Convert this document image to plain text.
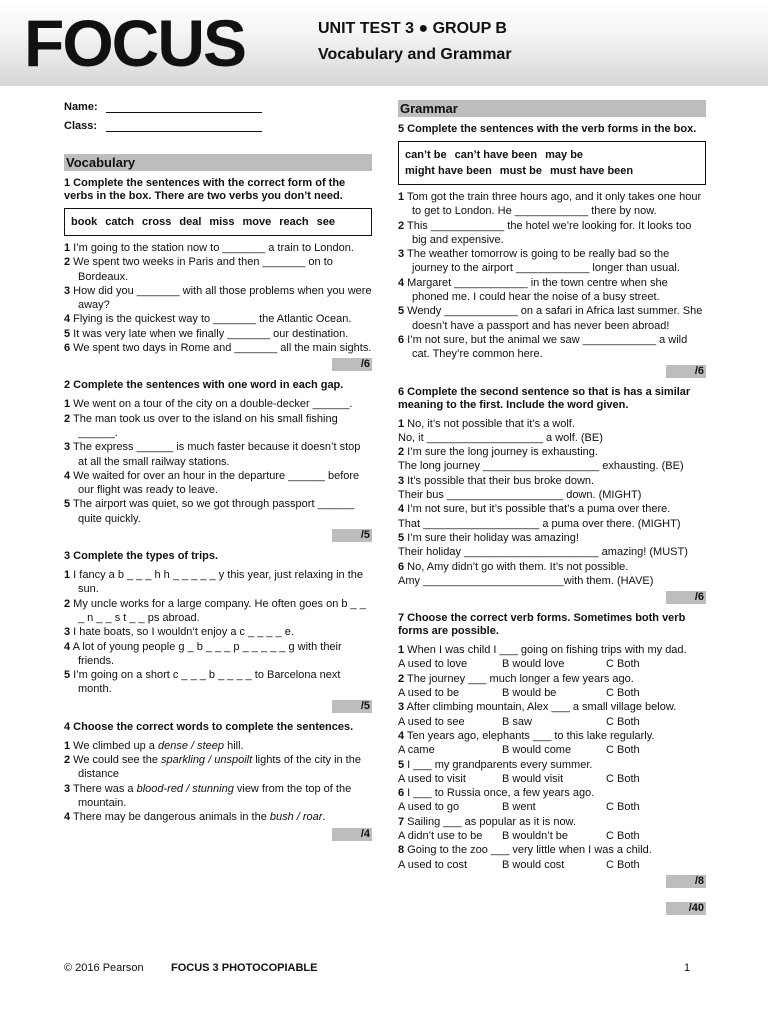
FOCUS	UNIT TEST 3 ● GROUP B
Vocabulary and Grammar
Name:
Class:
Vocabulary
1 Complete the sentences with the correct form of the verbs in the box. There are two verbs you don’t need.
book catch cross deal miss move reach see
1 I’m going to the station now to _______ a train to London.
2 We spent two weeks in Paris and then _______ on to Bordeaux.
3 How did you _______ with all those problems when you were away?
4 Flying is the quickest way to _______ the Atlantic Ocean.
5 It was very late when we finally _______ our destination.
6 We spent two days in Rome and _______ all the main sights.
/6
2 Complete the sentences with one word in each gap.
1 We went on a tour of the city on a double-decker ______.
2 The man took us over to the island on his small fishing ______.
3 The express ______ is much faster because it doesn’t stop at all the small railway stations.
4 We waited for over an hour in the departure ______ before our flight was ready to leave.
5 The airport was quiet, so we got through passport ______ quite quickly.
/5
3 Complete the types of trips.
1 I fancy a b _ _ _ h h _ _ _ _ _ y this year, just relaxing in the sun.
2 My uncle works for a large company. He often goes on b _ _ _ n _ _ s t _ _ ps abroad.
3 I hate boats, so I wouldn’t enjoy a c _ _ _ _ e.
4 A lot of young people g _ b _ _ _ p _ _ _ _ _ g with their friends.
5 I’m going on a short c _ _ _ b _ _ _ _ to Barcelona next month.
/5
4 Choose the correct words to complete the sentences.
1 We climbed up a dense / steep hill.
2 We could see the sparkling / unspoilt lights of the city in the distance
3 There was a blood-red / stunning view from the top of the mountain.
4 There may be dangerous animals in the bush / roar.
/4
Grammar
5 Complete the sentences with the verb forms in the box.
can’t be can’t have been may be
might have been must be must have been
1 Tom got the train three hours ago, and it only takes one hour to get to London. He ____________ there by now.
2 This ____________ the hotel we’re looking for. It looks too big and expensive.
3 The weather tomorrow is going to be really bad so the journey to the airport ____________ longer than usual.
4 Margaret ____________ in the town centre when she phoned me. I could hear the noise of a busy street.
5 Wendy ____________ on a safari in Africa last summer. She doesn’t have a passport and has never been abroad!
6 I’m not sure, but the animal we saw ____________ a wild cat. They’re common here.
/6
6 Complete the second sentence so that is has a similar meaning to the first. Include the word given.
1 No, it’s not possible that it’s a wolf.
No, it ___________________ a wolf. (BE)
2 I’m sure the long journey is exhausting.
The long journey ___________________ exhausting. (BE)
3 It’s possible that their bus broke down.
Their bus ___________________ down. (MIGHT)
4 I’m not sure, but it’s possible that’s a puma over there.
That ___________________ a puma over there. (MIGHT)
5 I’m sure their holiday was amazing!
Their holiday ______________________ amazing! (MUST)
6 No, Amy didn’t go with them. It’s not possible.
Amy _______________________with them. (HAVE)
/6
7 Choose the correct verb forms. Sometimes both verb forms are possible.
1 When I was child I ___ going on fishing trips with my dad.
A used to love	B would love	C Both
2 The journey ___ much longer a few years ago.
A used to be	B would be	C Both
3 After climbing mountain, Alex ___ a small village below.
A used to see	B saw	C Both
4 Ten years ago, elephants ___ to this lake regularly.
A came	B would come	C Both
5 I ___ my grandparents every summer.
A used to visit	B would visit	C Both
6 I ___ to Russia once, a few years ago.
A used to go	B went	C Both
7 Sailing ___ as popular as it is now.
A didn’t use to be	B wouldn’t be	C Both
8 Going to the zoo ___ very little when I was a child.
A used to cost	B would cost	C Both
/8
/40
© 2016 Pearson FOCUS 3 PHOTOCOPIABLE	1
